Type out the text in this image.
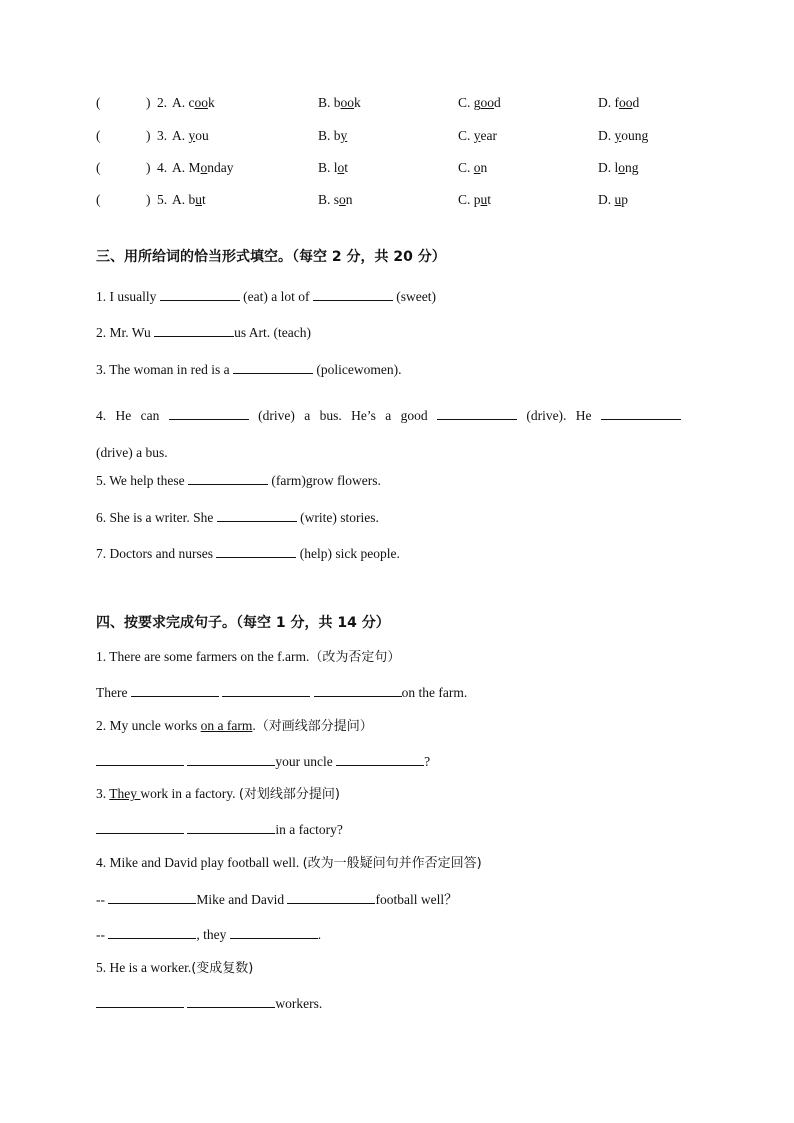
(	) 2. A. cook	B. book	C. good	D. food
(	) 3. A. you	B. by	C. year	D. young
(	) 4. A. Monday	B. lot	C. on	D. long
(	) 5. A. but	B. son	C. put	D. up
三、用所给词的恰当形式填空。（每空 2 分，共 20 分）
1. I usually	(eat) a lot of	(sweet)
2. Mr. Wu	us Art. (teach)
3. The woman in red is a	(policewomen).
4. He can	(drive) a bus. He’s a good	(drive). He (drive) a bus.
5. We help these	(farm)grow flowers.
6. She is a writer. She	(write) stories.
7. Doctors and nurses	(help) sick people.
四、按要求完成句子。（每空 1 分，共 14 分）
1. There are some farmers on the f.arm.（改为否定句）
There	on the farm.
2. My uncle works on a farm.（对画线部分提问）
your uncle	?
3. They work in a factory. (对划线部分提问)
in a factory?
4. Mike and David play football well. (改为一般疑问句并作否定回答)
--	Mike and David	football well？
--	, they	.
5. He is a worker.(变成复数)
workers.
